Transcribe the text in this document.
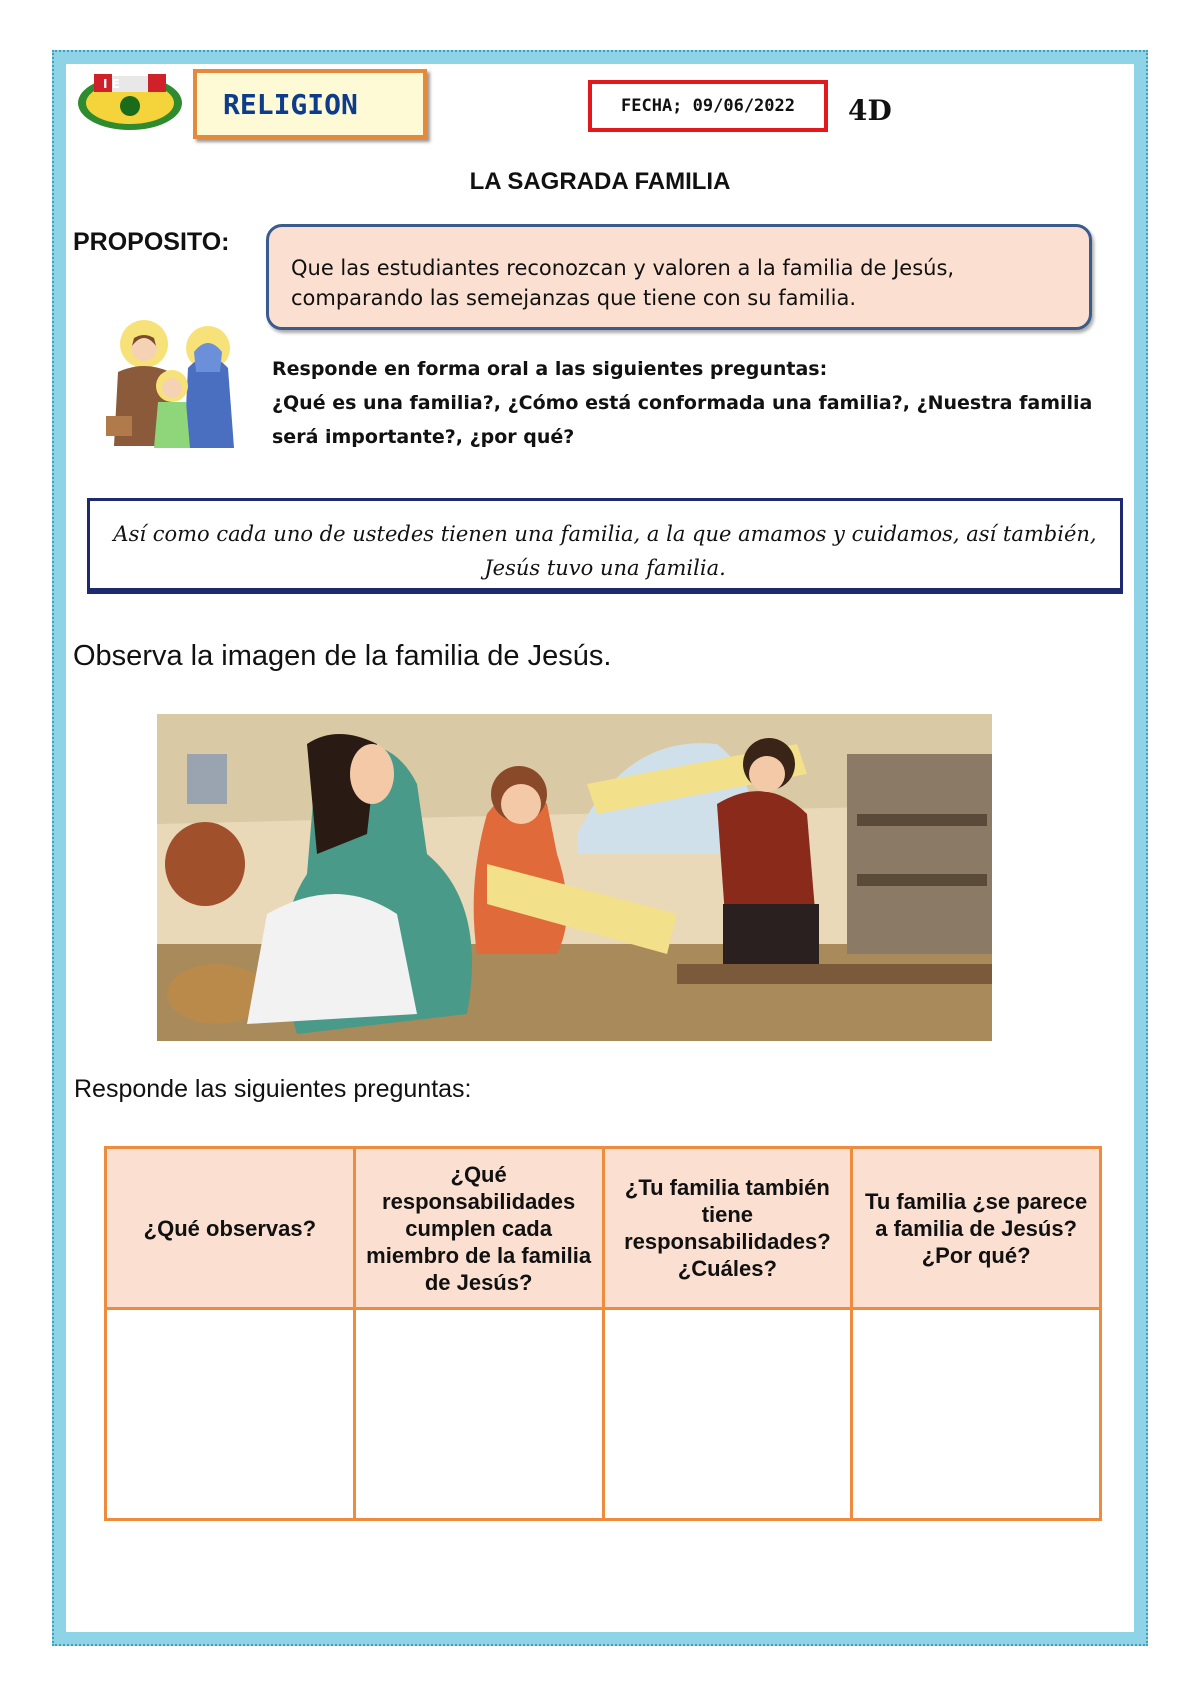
I E
RELIGION	FECHA; 09/06/2022 4D
LA SAGRADA FAMILIA
PROPOSITO:
Que las estudiantes reconozcan y valoren a la familia de Jesús,
comparando las semejanzas que tiene con su familia.
Responde en forma oral a las siguientes preguntas:
¿Qué es una familia?, ¿Cómo está conformada una familia?, ¿Nuestra familia
será importante?, ¿por qué?
Así como cada uno de ustedes tienen una familia, a la que amamos y cuidamos, así también,
Jesús tuvo una familia.
Observa la imagen de la familia de Jesús.
Responde las siguientes preguntas:
¿Qué observas?	¿Qué responsabilidades cumplen cada miembro de la familia de Jesús?	¿Tu familia también tiene responsabilidades? ¿Cuáles?	Tu familia ¿se parece a familia de Jesús? ¿Por qué?
